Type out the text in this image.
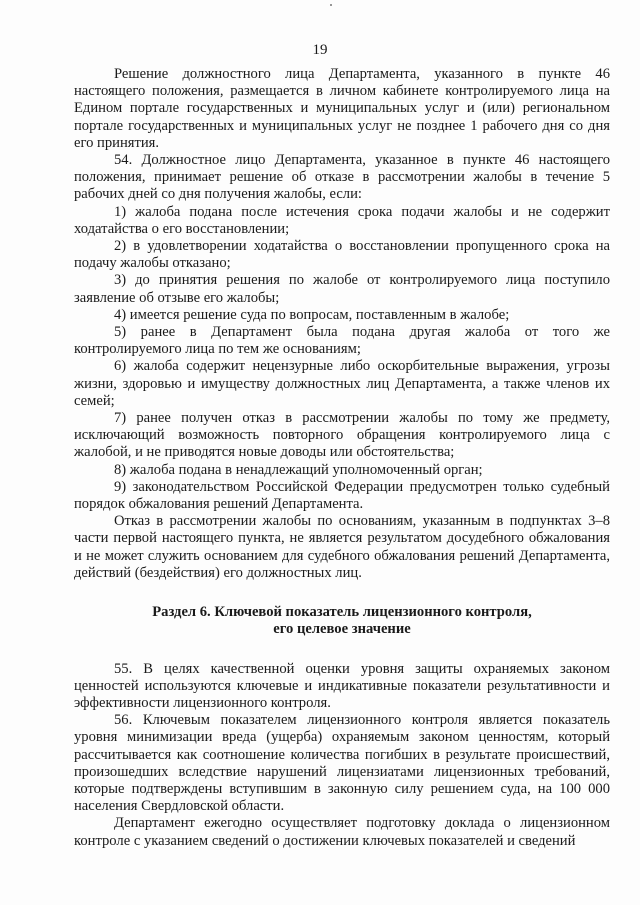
19

Решение должностного лица Департамента, указанного в пункте 46 настоящего положения, размещается в личном кабинете контролируемого лица на Едином портале государственных и муниципальных услуг и (или) региональном портале государственных и муниципальных услуг не позднее 1 рабочего дня со дня его принятия.

54. Должностное лицо Департамента, указанное в пункте 46 настоящего положения, принимает решение об отказе в рассмотрении жалобы в течение 5 рабочих дней со дня получения жалобы, если:

1) жалоба подана после истечения срока подачи жалобы и не содержит ходатайства о его восстановлении;

2) в удовлетворении ходатайства о восстановлении пропущенного срока на подачу жалобы отказано;

3) до принятия решения по жалобе от контролируемого лица поступило заявление об отзыве его жалобы;

4) имеется решение суда по вопросам, поставленным в жалобе;

5) ранее в Департамент была подана другая жалоба от того же контролируемого лица по тем же основаниям;

6) жалоба содержит нецензурные либо оскорбительные выражения, угрозы жизни, здоровью и имуществу должностных лиц Департамента, а также членов их семей;

7) ранее получен отказ в рассмотрении жалобы по тому же предмету, исключающий возможность повторного обращения контролируемого лица с жалобой, и не приводятся новые доводы или обстоятельства;

8) жалоба подана в ненадлежащий уполномоченный орган;

9) законодательством Российской Федерации предусмотрен только судебный порядок обжалования решений Департамента.

Отказ в рассмотрении жалобы по основаниям, указанным в подпунктах 3–8 части первой настоящего пункта, не является результатом досудебного обжалования и не может служить основанием для судебного обжалования решений Департамента, действий (бездействия) его должностных лиц.

Раздел 6. Ключевой показатель лицензионного контроля,
его целевое значение

55. В целях качественной оценки уровня защиты охраняемых законом ценностей используются ключевые и индикативные показатели результативности и эффективности лицензионного контроля.

56. Ключевым показателем лицензионного контроля является показатель уровня минимизации вреда (ущерба) охраняемым законом ценностям, который рассчитывается как соотношение количества погибших в результате происшествий, произошедших вследствие нарушений лицензиатами лицензионных требований, которые подтверждены вступившим в законную силу решением суда, на 100 000 населения Свердловской области.

Департамент ежегодно осуществляет подготовку доклада о лицензионном контроле с указанием сведений о достижении ключевых показателей и сведений
